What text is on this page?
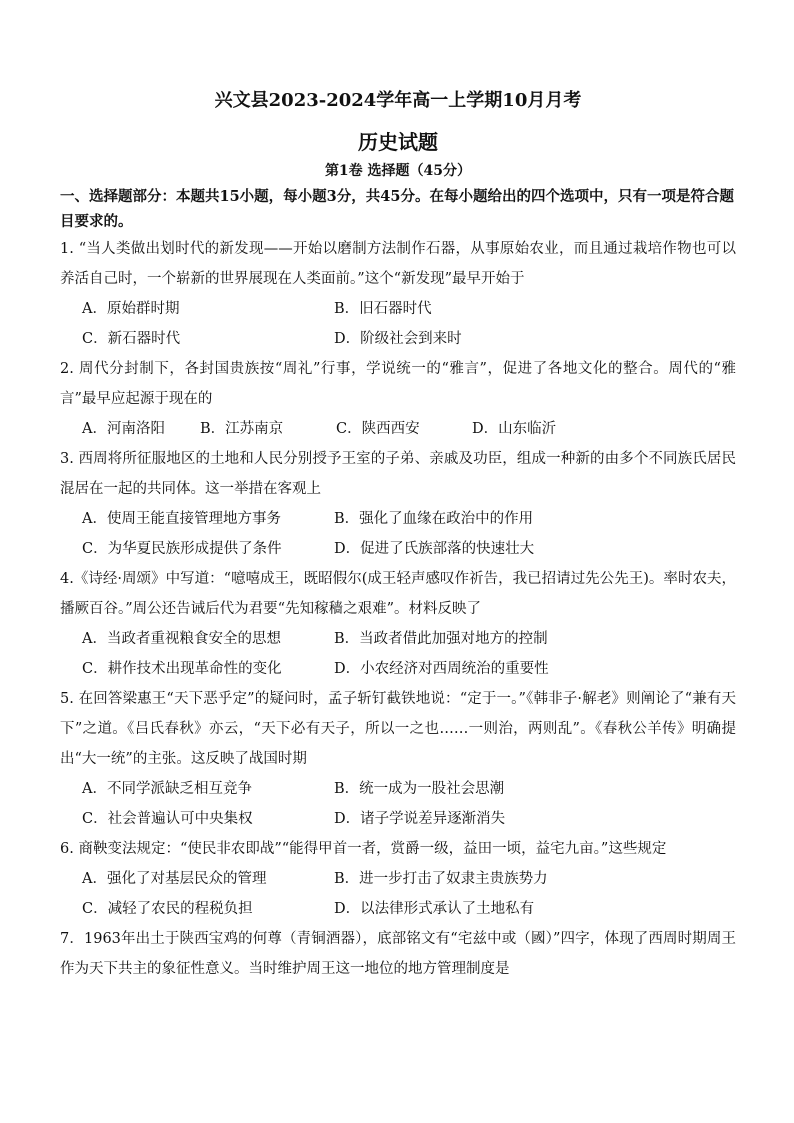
兴文县2023-2024学年高一上学期10月月考
历史试题
第1卷 选择题（45分）
一、选择题部分：本题共15小题，每小题3分，共45分。在每小题给出的四个选项中，只有一项是符合题目要求的。

1. “当人类做出划时代的新发现——开始以磨制方法制作石器，从事原始农业，而且通过栽培作物也可以养活自己时，一个崭新的世界展现在人类面前。”这个“新发现”最早开始于

A．原始群时期	B．旧石器时代
C．新石器时代	D．阶级社会到来时

2. 周代分封制下，各封国贵族按“周礼”行事，学说统一的“雅言”，促进了各地文化的整合。周代的“雅言”最早应起源于现在的

A．河南洛阳	B．江苏南京	C．陕西西安	D．山东临沂

3. 西周将所征服地区的土地和人民分别授予王室的子弟、亲戚及功臣，组成一种新的由多个不同族氏居民混居在一起的共同体。这一举措在客观上

A．使周王能直接管理地方事务	B．强化了血缘在政治中的作用
C．为华夏民族形成提供了条件	D．促进了氏族部落的快速壮大

4.《诗经·周颂》中写道：“噫嘻成王，既昭假尔(成王轻声感叹作祈告，我已招请过先公先王)。率时农夫，播厥百谷。”周公还告诫后代为君要“先知稼穑之艰难”。材料反映了

A．当政者重视粮食安全的思想	B．当政者借此加强对地方的控制
C．耕作技术出现革命性的变化	D．小农经济对西周统治的重要性

5. 在回答梁惠王“天下恶乎定”的疑问时，孟子斩钉截铁地说：“定于一。”《韩非子·解老》则阐论了“兼有天下”之道。《吕氏春秋》亦云，“天下必有天子，所以一之也……一则治，两则乱”。《春秋公羊传》明确提出“大一统”的主张。这反映了战国时期

A．不同学派缺乏相互竞争	B．统一成为一股社会思潮
C．社会普遍认可中央集权	D．诸子学说差异逐渐消失

6. 商鞅变法规定：“使民非农即战”“能得甲首一者，赏爵一级，益田一顷，益宅九亩。”这些规定

A．强化了对基层民众的管理	B．进一步打击了奴隶主贵族势力
C．减轻了农民的程税负担	D．以法律形式承认了土地私有

7．1963年出土于陕西宝鸡的何尊（青铜酒器），底部铭文有“宅兹中或（國）”四字，体现了西周时期周王作为天下共主的象征性意义。当时维护周王这一地位的地方管理制度是
